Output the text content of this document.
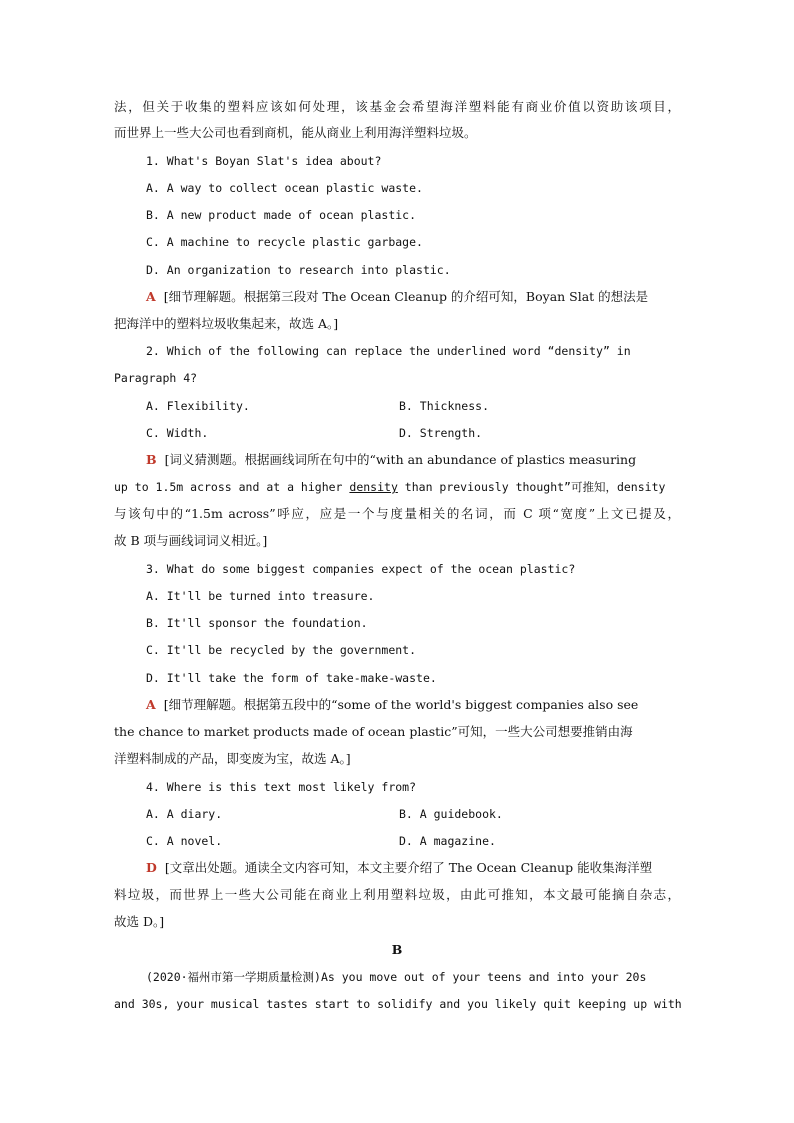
法，但关于收集的塑料应该如何处理，该基金会希望海洋塑料能有商业价值以资助该项目，
而世界上一些大公司也看到商机，能从商业上利用海洋塑料垃圾。
1. What's Boyan Slat's idea about?
A. A way to collect ocean plastic waste.
B. A new product made of ocean plastic.
C. A machine to recycle plastic garbage.
D. An organization to research into plastic.
A [细节理解题。根据第三段对 The Ocean Cleanup 的介绍可知，Boyan Slat 的想法是
把海洋中的塑料垃圾收集起来，故选 A。]
2. Which of the following can replace the underlined word “density” in
Paragraph 4?
A. Flexibility.	B. Thickness.
C. Width.	D. Strength.
B [词义猜测题。根据画线词所在句中的“with an abundance of plastics measuring
up to 1.5m across and at a higher density than previously thought”可推知，density
与该句中的“1.5m across”呼应，应是一个与度量相关的名词，而 C 项“宽度”上文已提及，
故 B 项与画线词词义相近。]
3. What do some biggest companies expect of the ocean plastic?
A. It'll be turned into treasure.
B. It'll sponsor the foundation.
C. It'll be recycled by the government.
D. It'll take the form of take-make-waste.
A [细节理解题。根据第五段中的“some of the world's biggest companies also see
the chance to market products made of ocean plastic”可知，一些大公司想要推销由海
洋塑料制成的产品，即变废为宝，故选 A。]
4. Where is this text most likely from?
A. A diary.	B. A guidebook.
C. A novel.	D. A magazine.
D [文章出处题。通读全文内容可知，本文主要介绍了 The Ocean Cleanup 能收集海洋塑
料垃圾，而世界上一些大公司能在商业上利用塑料垃圾，由此可推知，本文最可能摘自杂志，
故选 D。]
B
(2020·福州市第一学期质量检测)As you move out of your teens and into your 20s
and 30s, your musical tastes start to solidify and you likely quit keeping up with
